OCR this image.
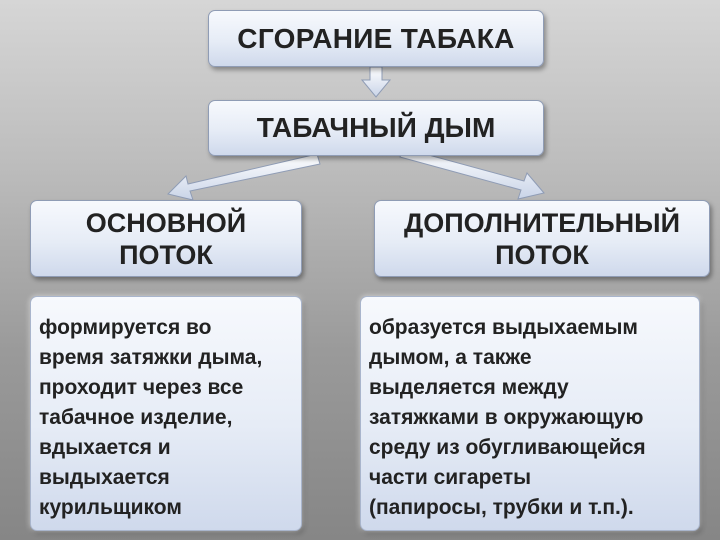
СГОРАНИЕ ТАБАКА
ТАБАЧНЫЙ ДЫМ
ОСНОВНОЙ
ПОТОК
ДОПОЛНИТЕЛЬНЫЙ
ПОТОК
формируется во
время затяжки дыма,
проходит через все
табачное изделие,
вдыхается и
выдыхается
курильщиком
образуется выдыхаемым
дымом, а также
выделяется между
затяжками в окружающую
среду из обугливающейся
части сигареты
(папиросы, трубки и т.п.).
